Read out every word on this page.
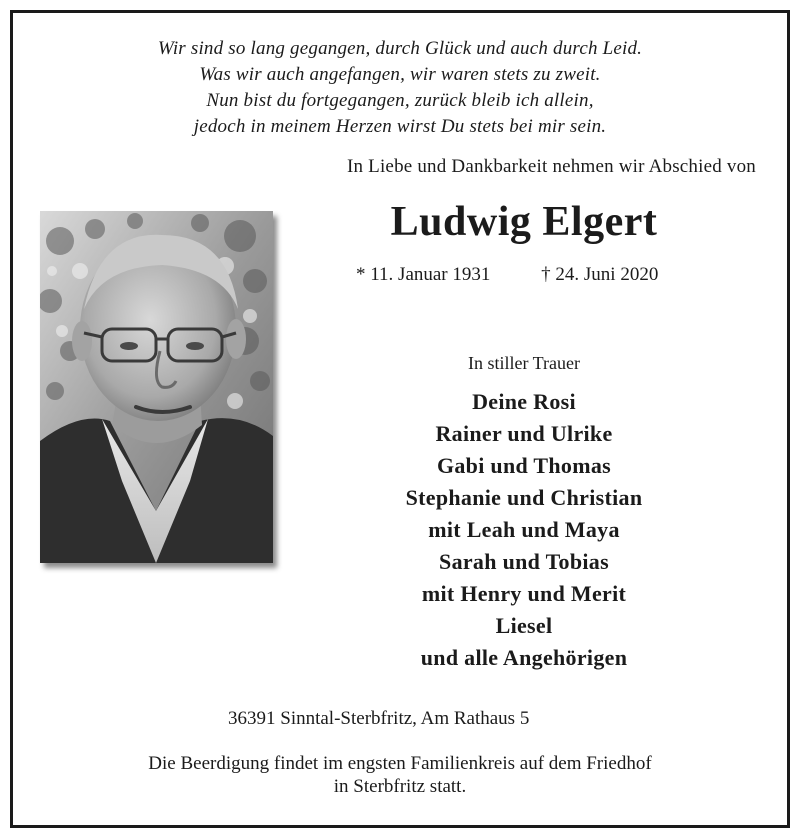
Wir sind so lang gegangen, durch Glück und auch durch Leid.
Was wir auch angefangen, wir waren stets zu zweit.
Nun bist du fortgegangen, zurück bleib ich allein,
jedoch in meinem Herzen wirst Du stets bei mir sein.
In Liebe und Dankbarkeit nehmen wir Abschied von
Ludwig Elgert
* 11. Januar 1931	† 24. Juni 2020
In stiller Trauer
Deine Rosi
Rainer und Ulrike
Gabi und Thomas
Stephanie und Christian
mit Leah und Maya
Sarah und Tobias
mit Henry und Merit
Liesel
und alle Angehörigen
36391 Sinntal-Sterbfritz, Am Rathaus 5
Die Beerdigung findet im engsten Familienkreis auf dem Friedhof
in Sterbfritz statt.
